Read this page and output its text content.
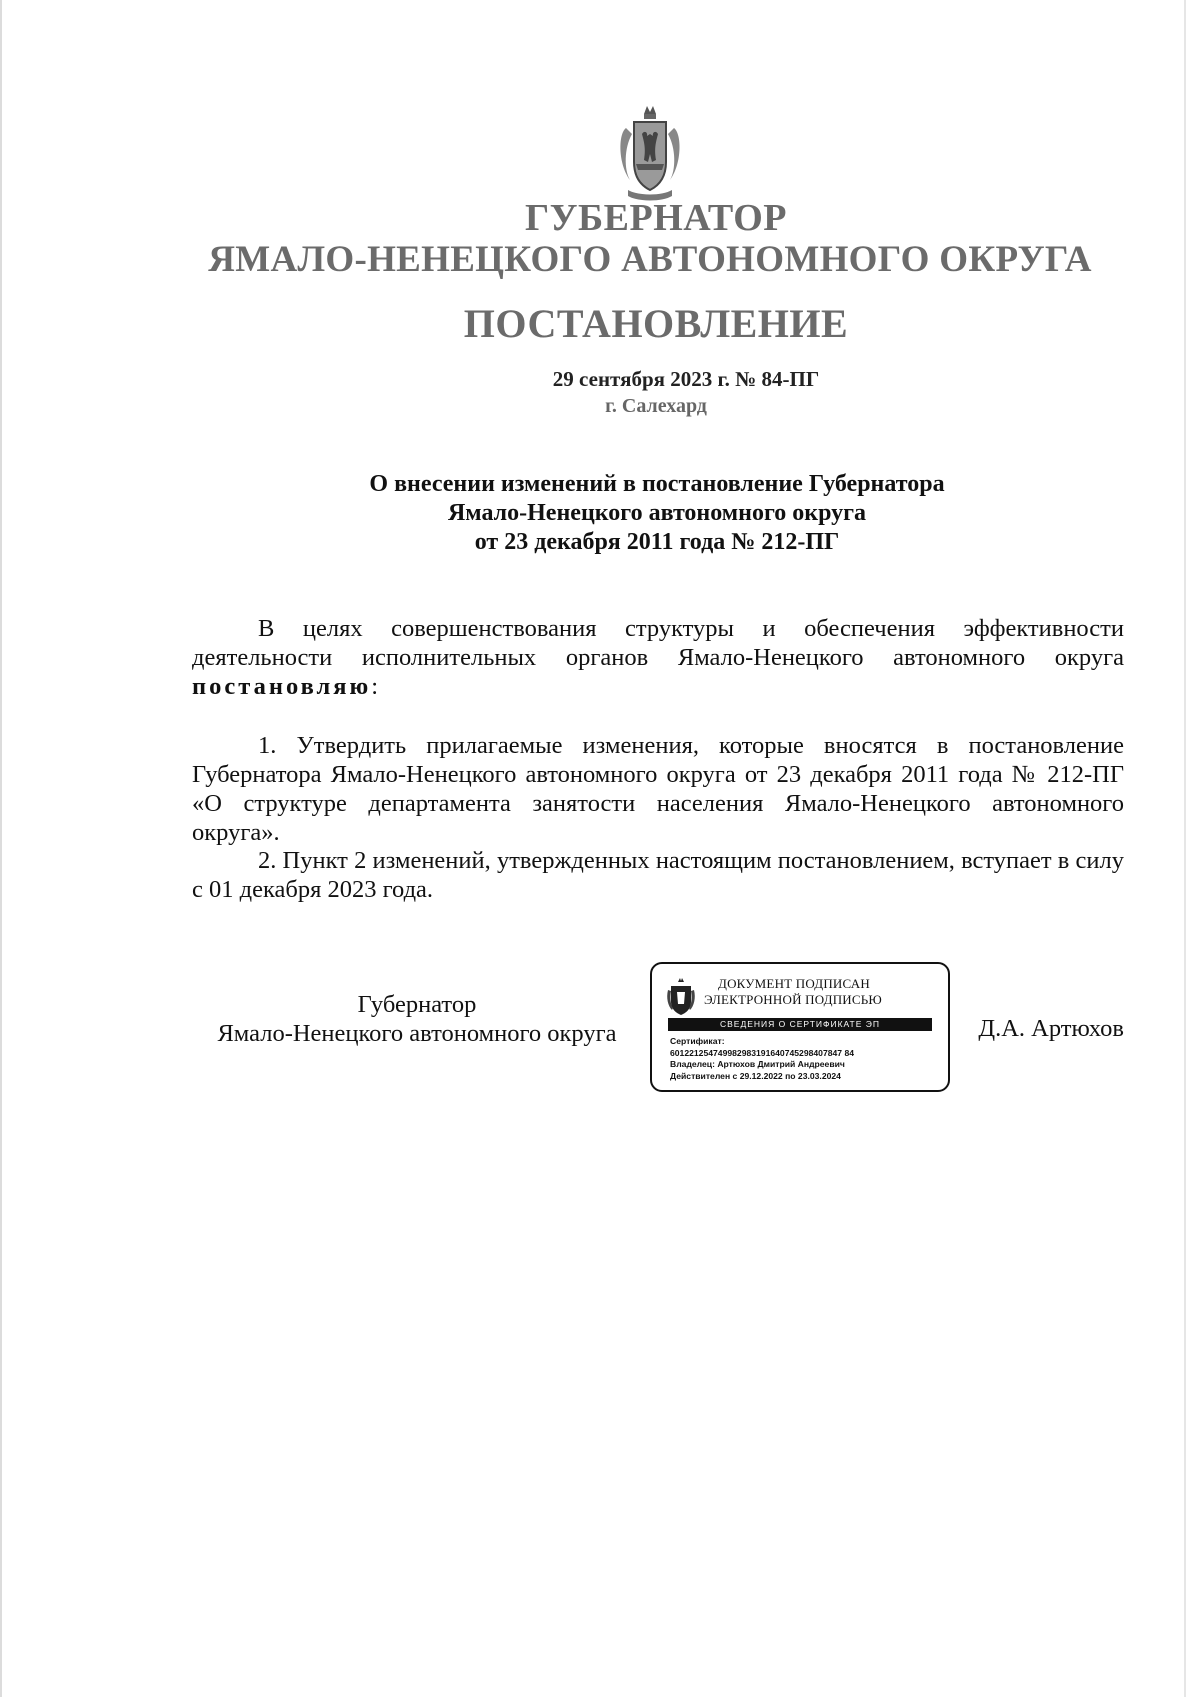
ГУБЕРНАТОР
ЯМАЛО-НЕНЕЦКОГО АВТОНОМНОГО ОКРУГА
ПОСТАНОВЛЕНИЕ
29 сентября 2023 г. № 84-ПГ
г. Салехард
О внесении изменений в постановление Губернатора
Ямало-Ненецкого автономного округа
от 23 декабря 2011 года № 212-ПГ

В целях совершенствования структуры и обеспечения эффективности деятельности исполнительных органов Ямало-Ненецкого автономного округа постановляю:

1. Утвердить прилагаемые изменения, которые вносятся в постановление Губернатора Ямало-Ненецкого автономного округа от 23 декабря 2011 года № 212-ПГ «О структуре департамента занятости населения Ямало-Ненецкого автономного округа».

2. Пункт 2 изменений, утвержденных настоящим постановлением, вступает в силу с 01 декабря 2023 года.

Губернатор
Ямало-Ненецкого автономного округа
ДОКУМЕНТ ПОДПИСАН
ЭЛЕКТРОННОЙ ПОДПИСЬЮ
СВЕДЕНИЯ О СЕРТИФИКАТЕ ЭП
Сертификат:
601221254749982983191640745298407847 84
Владелец: Артюхов Дмитрий Андреевич
Действителен с 29.12.2022 по 23.03.2024
Д.А. Артюхов
